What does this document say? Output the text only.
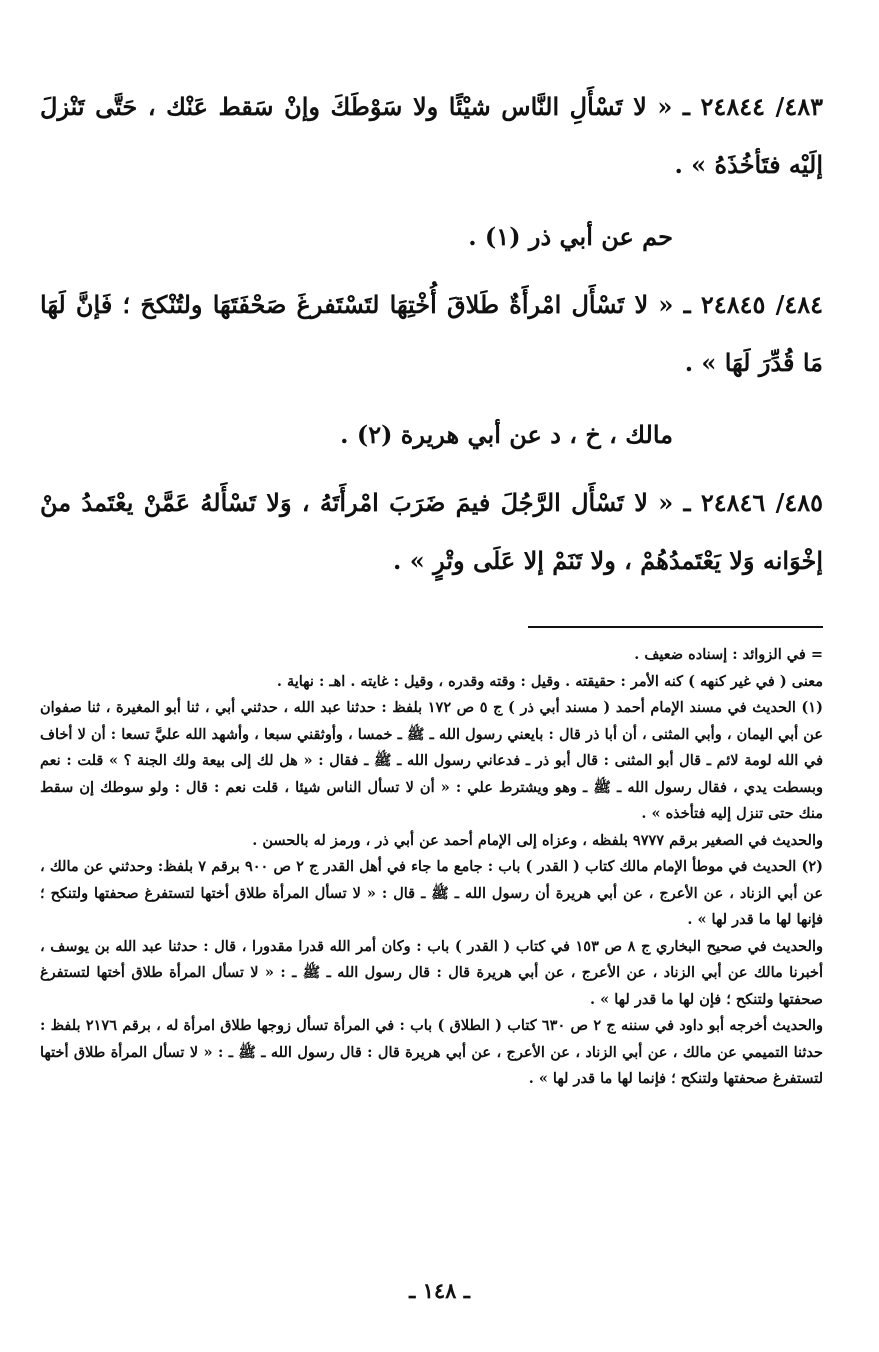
٤٨٣/ ٢٤٨٤٤ ـ « لا تَسْأَلِ النَّاس شيْئًا ولا سَوْطَكَ وإنْ سَقط عَنْك ، حَتَّى تَنْزلَ إلَيْه فتَأخُذَهُ » .

حم عن أبي ذر (١) .

٤٨٤/ ٢٤٨٤٥ ـ « لا تَسْأَل امْرأَةٌ طَلاقَ أُخْتِهَا لتَسْتَفرغَ صَحْفَتَهَا ولتُنْكحَ ؛ فَإنَّ لَهَا مَا قُدِّرَ لَهَا » .

مالك ، خ ، د عن أبي هريرة (٢) .

٤٨٥/ ٢٤٨٤٦ ـ « لا تَسْأَل الرَّجُلَ فيمَ ضَرَبَ امْرأَتَهُ ، وَلا تَسْأَلهُ عَمَّنْ يعْتَمدُ منْ إخْوَانه وَلا يَعْتَمدُهُمْ ، ولا تَنَمْ إلا عَلَى وتْرٍ » .

= في الزوائد : إسناده ضعيف .

معنى ( في غير كنهه ) كنه الأمر : حقيقته . وقيل : وقته وقدره ، وقيل : غايته . اهـ : نهاية .

(١) الحديث في مسند الإمام أحمد ( مسند أبي ذر ) ج ٥ ص ١٧٢ بلفظ : حدثنا عبد الله ، حدثني أبي ، ثنا أبو المغيرة ، ثنا صفوان عن أبي اليمان ، وأبي المثنى ، أن أبا ذر قال : بايعني رسول الله ـ ﷺ ـ خمسا ، وأوثقني سبعا ، وأشهد الله عليَّ تسعا : أن لا أخاف في الله لومة لائم ـ قال أبو المثنى : قال أبو ذر ـ فدعاني رسول الله ـ ﷺ ـ فقال : « هل لك إلى بيعة ولك الجنة ؟ » قلت : نعم وبسطت يدي ، فقال رسول الله ـ ﷺ ـ وهو ويشترط علي : « أن لا تسأل الناس شيئا ، قلت نعم : قال : ولو سوطك إن سقط منك حتى تنزل إليه فتأخذه » .

والحديث في الصغير برقم ٩٧٧٧ بلفظه ، وعزاه إلى الإمام أحمد عن أبي ذر ، ورمز له بالحسن .

(٢) الحديث في موطأ الإمام مالك كتاب ( القدر ) باب : جامع ما جاء في أهل القدر ج ٢ ص ٩٠٠ برقم ٧ بلفظ: وحدثني عن مالك ، عن أبي الزناد ، عن الأعرج ، عن أبي هريرة أن رسول الله ـ ﷺ ـ قال : « لا تسأل المرأة طلاق أختها لتستفرغ صحفتها ولتنكح ؛ فإنها لها ما قدر لها » .

والحديث في صحيح البخاري ج ٨ ص ١٥٣ في كتاب ( القدر ) باب : وكان أمر الله قدرا مقدورا ، قال : حدثنا عبد الله بن يوسف ، أخبرنا مالك عن أبي الزناد ، عن الأعرج ، عن أبي هريرة قال : قال رسول الله ـ ﷺ ـ : « لا تسأل المرأة طلاق أختها لتستفرغ صحفتها ولتنكح ؛ فإن لها ما قدر لها » .

والحديث أخرجه أبو داود في سننه ج ٢ ص ٦٣٠ كتاب ( الطلاق ) باب : في المرأة تسأل زوجها طلاق امرأة له ، برقم ٢١٧٦ بلفظ : حدثنا التميمي عن مالك ، عن أبي الزناد ، عن الأعرج ، عن أبي هريرة قال : قال رسول الله ـ ﷺ ـ : « لا تسأل المرأة طلاق أختها لتستفرغ صحفتها ولتنكح ؛ فإنما لها ما قدر لها » .

ـ ١٤٨ ـ
